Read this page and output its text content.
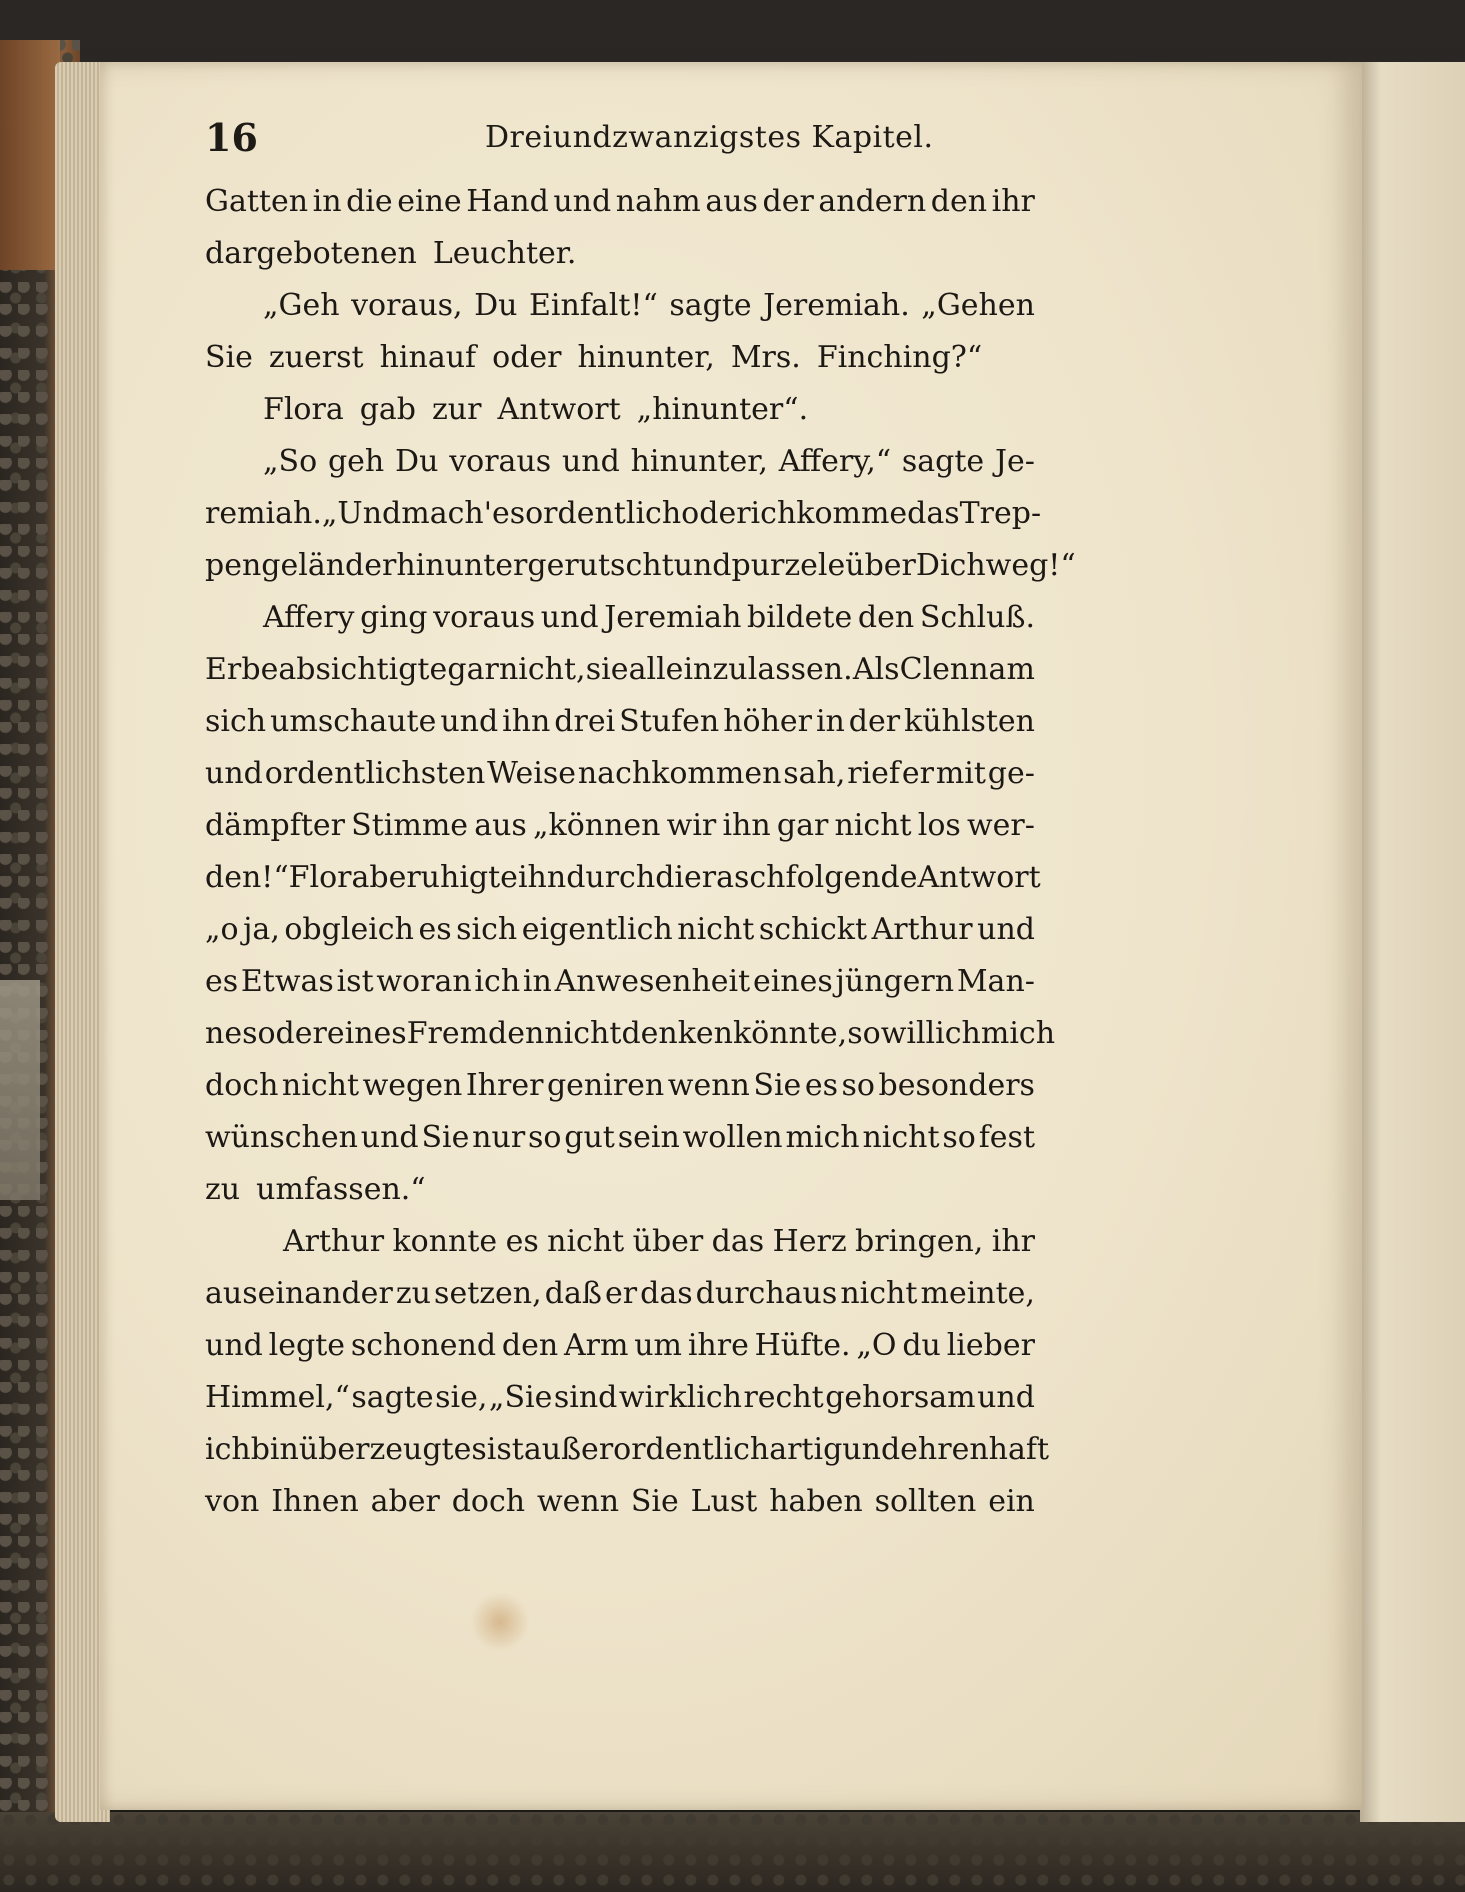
16	Dreiundzwanzigstes Kapitel.
Gatten in die eine Hand und nahm aus der andern den ihr
dargebotenen Leuchter.
„Geh voraus, Du Einfalt!“ sagte Jeremiah. „Gehen
Sie zuerst hinauf oder hinunter, Mrs. Finching?“
Flora gab zur Antwort „hinunter“.
„So geh Du voraus und hinunter, Affery,“ sagte Je-
remiah. „Und mach' es ordentlich oder ich komme das Trep-
pengeländer hinuntergerutscht und purzele über Dich weg!“
Affery ging voraus und Jeremiah bildete den Schluß.
Er beabsichtigte gar nicht, sie allein zu lassen. Als Clennam
sich umschaute und ihn drei Stufen höher in der kühlsten
und ordentlichsten Weise nachkommen sah, rief er mit ge-
dämpfter Stimme aus „können wir ihn gar nicht los wer-
den!“ Flora beruhigte ihn durch die rasch folgende Antwort
„o ja, obgleich es sich eigentlich nicht schickt Arthur und
es Etwas ist woran ich in Anwesenheit eines jüngern Man-
nes oder eines Fremden nicht denken könnte, so will ich mich
doch nicht wegen Ihrer geniren wenn Sie es so besonders
wünschen und Sie nur so gut sein wollen mich nicht so fest
zu umfassen.“
Arthur konnte es nicht über das Herz bringen, ihr
auseinander zu setzen, daß er das durchaus nicht meinte,
und legte schonend den Arm um ihre Hüfte. „O du lieber
Himmel,“ sagte sie, „Sie sind wirklich recht gehorsam und
ich bin überzeugt es ist außerordentlich artig und ehrenhaft
von Ihnen aber doch wenn Sie Lust haben sollten ein
